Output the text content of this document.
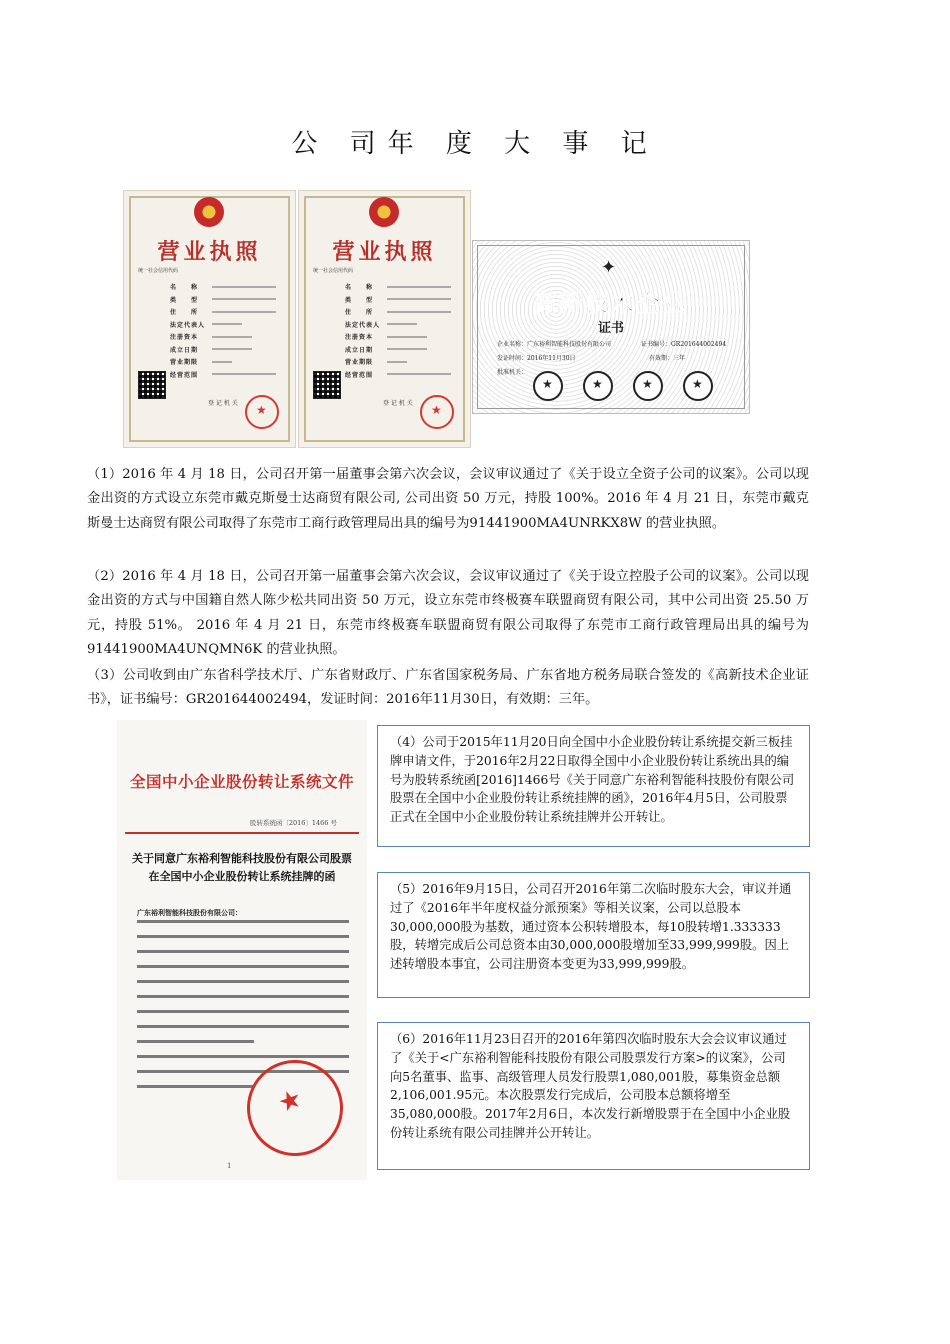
公 司年 度 大 事 记
营业执照
统一社会信用代码
名　　称
类　　型
住　　所
法定代表人
注册资本
成立日期
营业期限
经营范围
登 记 机 关
★
营业执照
统一社会信用代码
名　　称
类　　型
住　　所
法定代表人
注册资本
成立日期
营业期限
经营范围
登 记 机 关
★
✦
高新技术企业
证书
企业名称：广东裕利智能科技股份有限公司	证书编号：GR201644002494
发证时间：2016年11月30日	有效期：三年
批准机关：
★
★
★
★

（1）2016 年 4 月 18 日，公司召开第一届董事会第六次会议，会议审议通过了《关于设立全资子公司的议案》。公司以现金出资的方式设立东莞市戴克斯曼士达商贸有限公司, 公司出资 50 万元，持股 100%。2016 年 4 月 21 日，东莞市戴克斯曼士达商贸有限公司取得了东莞市工商行政管理局出具的编号为91441900MA4UNRKX8W 的营业执照。

（2）2016 年 4 月 18 日，公司召开第一届董事会第六次会议，会议审议通过了《关于设立控股子公司的议案》。公司以现金出资的方式与中国籍自然人陈少松共同出资 50 万元，设立东莞市终极赛车联盟商贸有限公司，其中公司出资 25.50 万元，持股 51%。 2016 年 4 月 21 日，东莞市终极赛车联盟商贸有限公司取得了东莞市工商行政管理局出具的编号为 91441900MA4UNQMN6K 的营业执照。

（3）公司收到由广东省科学技术厅、广东省财政厅、广东省国家税务局、广东省地方税务局联合签发的《高新技术企业证书》，证书编号：GR201644002494，发证时间：2016年11月30日，有效期：三年。

全国中小企业股份转让系统文件
股转系统函〔2016〕1466 号
关于同意广东裕利智能科技股份有限公司股票
在全国中小企业股份转让系统挂牌的函
广东裕利智能科技股份有限公司：
★
1

（4）公司于2015年11月20日向全国中小企业股份转让系统提交新三板挂牌申请文件，于2016年2月22日取得全国中小企业股份转让系统出具的编号为股转系统函[2016]1466号《关于同意广东裕利智能科技股份有限公司股票在全国中小企业股份转让系统挂牌的函》，2016年4月5日，公司股票正式在全国中小企业股份转让系统挂牌并公开转让。

（5）2016年9月15日，公司召开2016年第二次临时股东大会，审议并通过了《2016年半年度权益分派预案》等相关议案，公司以总股本30,000,000股为基数，通过资本公积转增股本，每10股转增1.333333股，转增完成后公司总资本由30,000,000股增加至33,999,999股。因上述转增股本事宜，公司注册资本变更为33,999,999股。

（6）2016年11月23日召开的2016年第四次临时股东大会会议审议通过了《关于<广东裕利智能科技股份有限公司股票发行方案>的议案》，公司向5名董事、监事、高级管理人员发行股票1,080,001股，募集资金总额2,106,001.95元。本次股票发行完成后，公司股本总额将增至35,080,000股。2017年2月6日，本次发行新增股票于在全国中小企业股份转让系统有限公司挂牌并公开转让。
